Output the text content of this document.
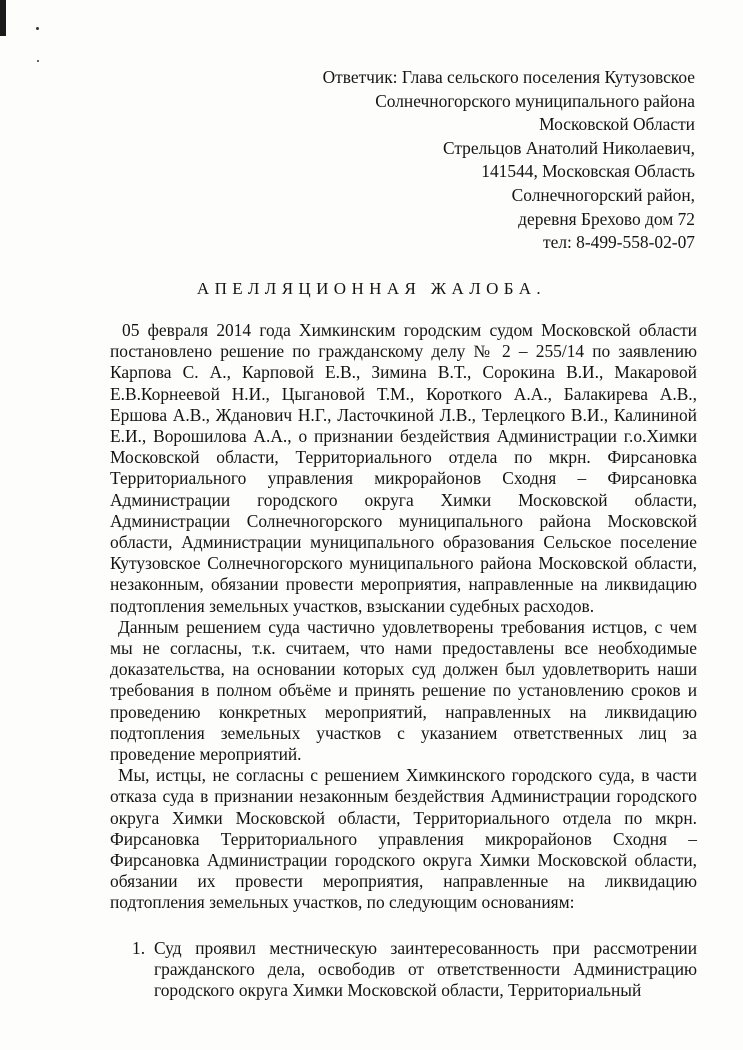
Ответчик: Глава сельского поселения Кутузовское
Солнечногорского муниципального района
Московской Области
Стрельцов Анатолий Николаевич,
141544, Московская Область
Солнечногорский район,
деревня Брехово дом 72
тел: 8-499-558-02-07
АПЕЛЛЯЦИОННАЯ ЖАЛОБА.

05 февраля 2014 года Химкинским городским судом Московской области постановлено решение по гражданскому делу № 2 – 255/14 по заявлению Карпова С. А., Карповой Е.В., Зимина В.Т., Сорокина В.И., Макаровой Е.В.Корнеевой Н.И., Цыгановой Т.М., Короткого А.А., Балакирева А.В., Ершова А.В., Жданович Н.Г., Ласточкиной Л.В., Терлецкого В.И., Калининой Е.И., Ворошилова А.А., о признании бездействия Администрации г.о.Химки Московской области, Территориального отдела по мкрн. Фирсановка Территориального управления микрорайонов Сходня – Фирсановка Администрации городского округа Химки Московской области, Администрации Солнечногорского муниципального района Московской области, Администрации муниципального образования Сельское поселение Кутузовское Солнечногорского муниципального района Московской области, незаконным, обязании провести мероприятия, направленные на ликвидацию подтопления земельных участков, взыскании судебных расходов.

Данным решением суда частично удовлетворены требования истцов, с чем мы не согласны, т.к. считаем, что нами предоставлены все необходимые доказательства, на основании которых суд должен был удовлетворить наши требования в полном объёме и принять решение по установлению сроков и проведению конкретных мероприятий, направленных на ликвидацию подтопления земельных участков с указанием ответственных лиц за проведение мероприятий.

Мы, истцы, не согласны с решением Химкинского городского суда, в части отказа суда в признании незаконным бездействия Администрации городского округа Химки Московской области, Территориального отдела по мкрн. Фирсановка Территориального управления микрорайонов Сходня – Фирсановка Администрации городского округа Химки Московской области, обязании их провести мероприятия, направленные на ликвидацию подтопления земельных участков, по следующим основаниям:

1. Суд проявил местническую заинтересованность при рассмотрении гражданского дела, освободив от ответственности Администрацию городского округа Химки Московской области, Территориальный
